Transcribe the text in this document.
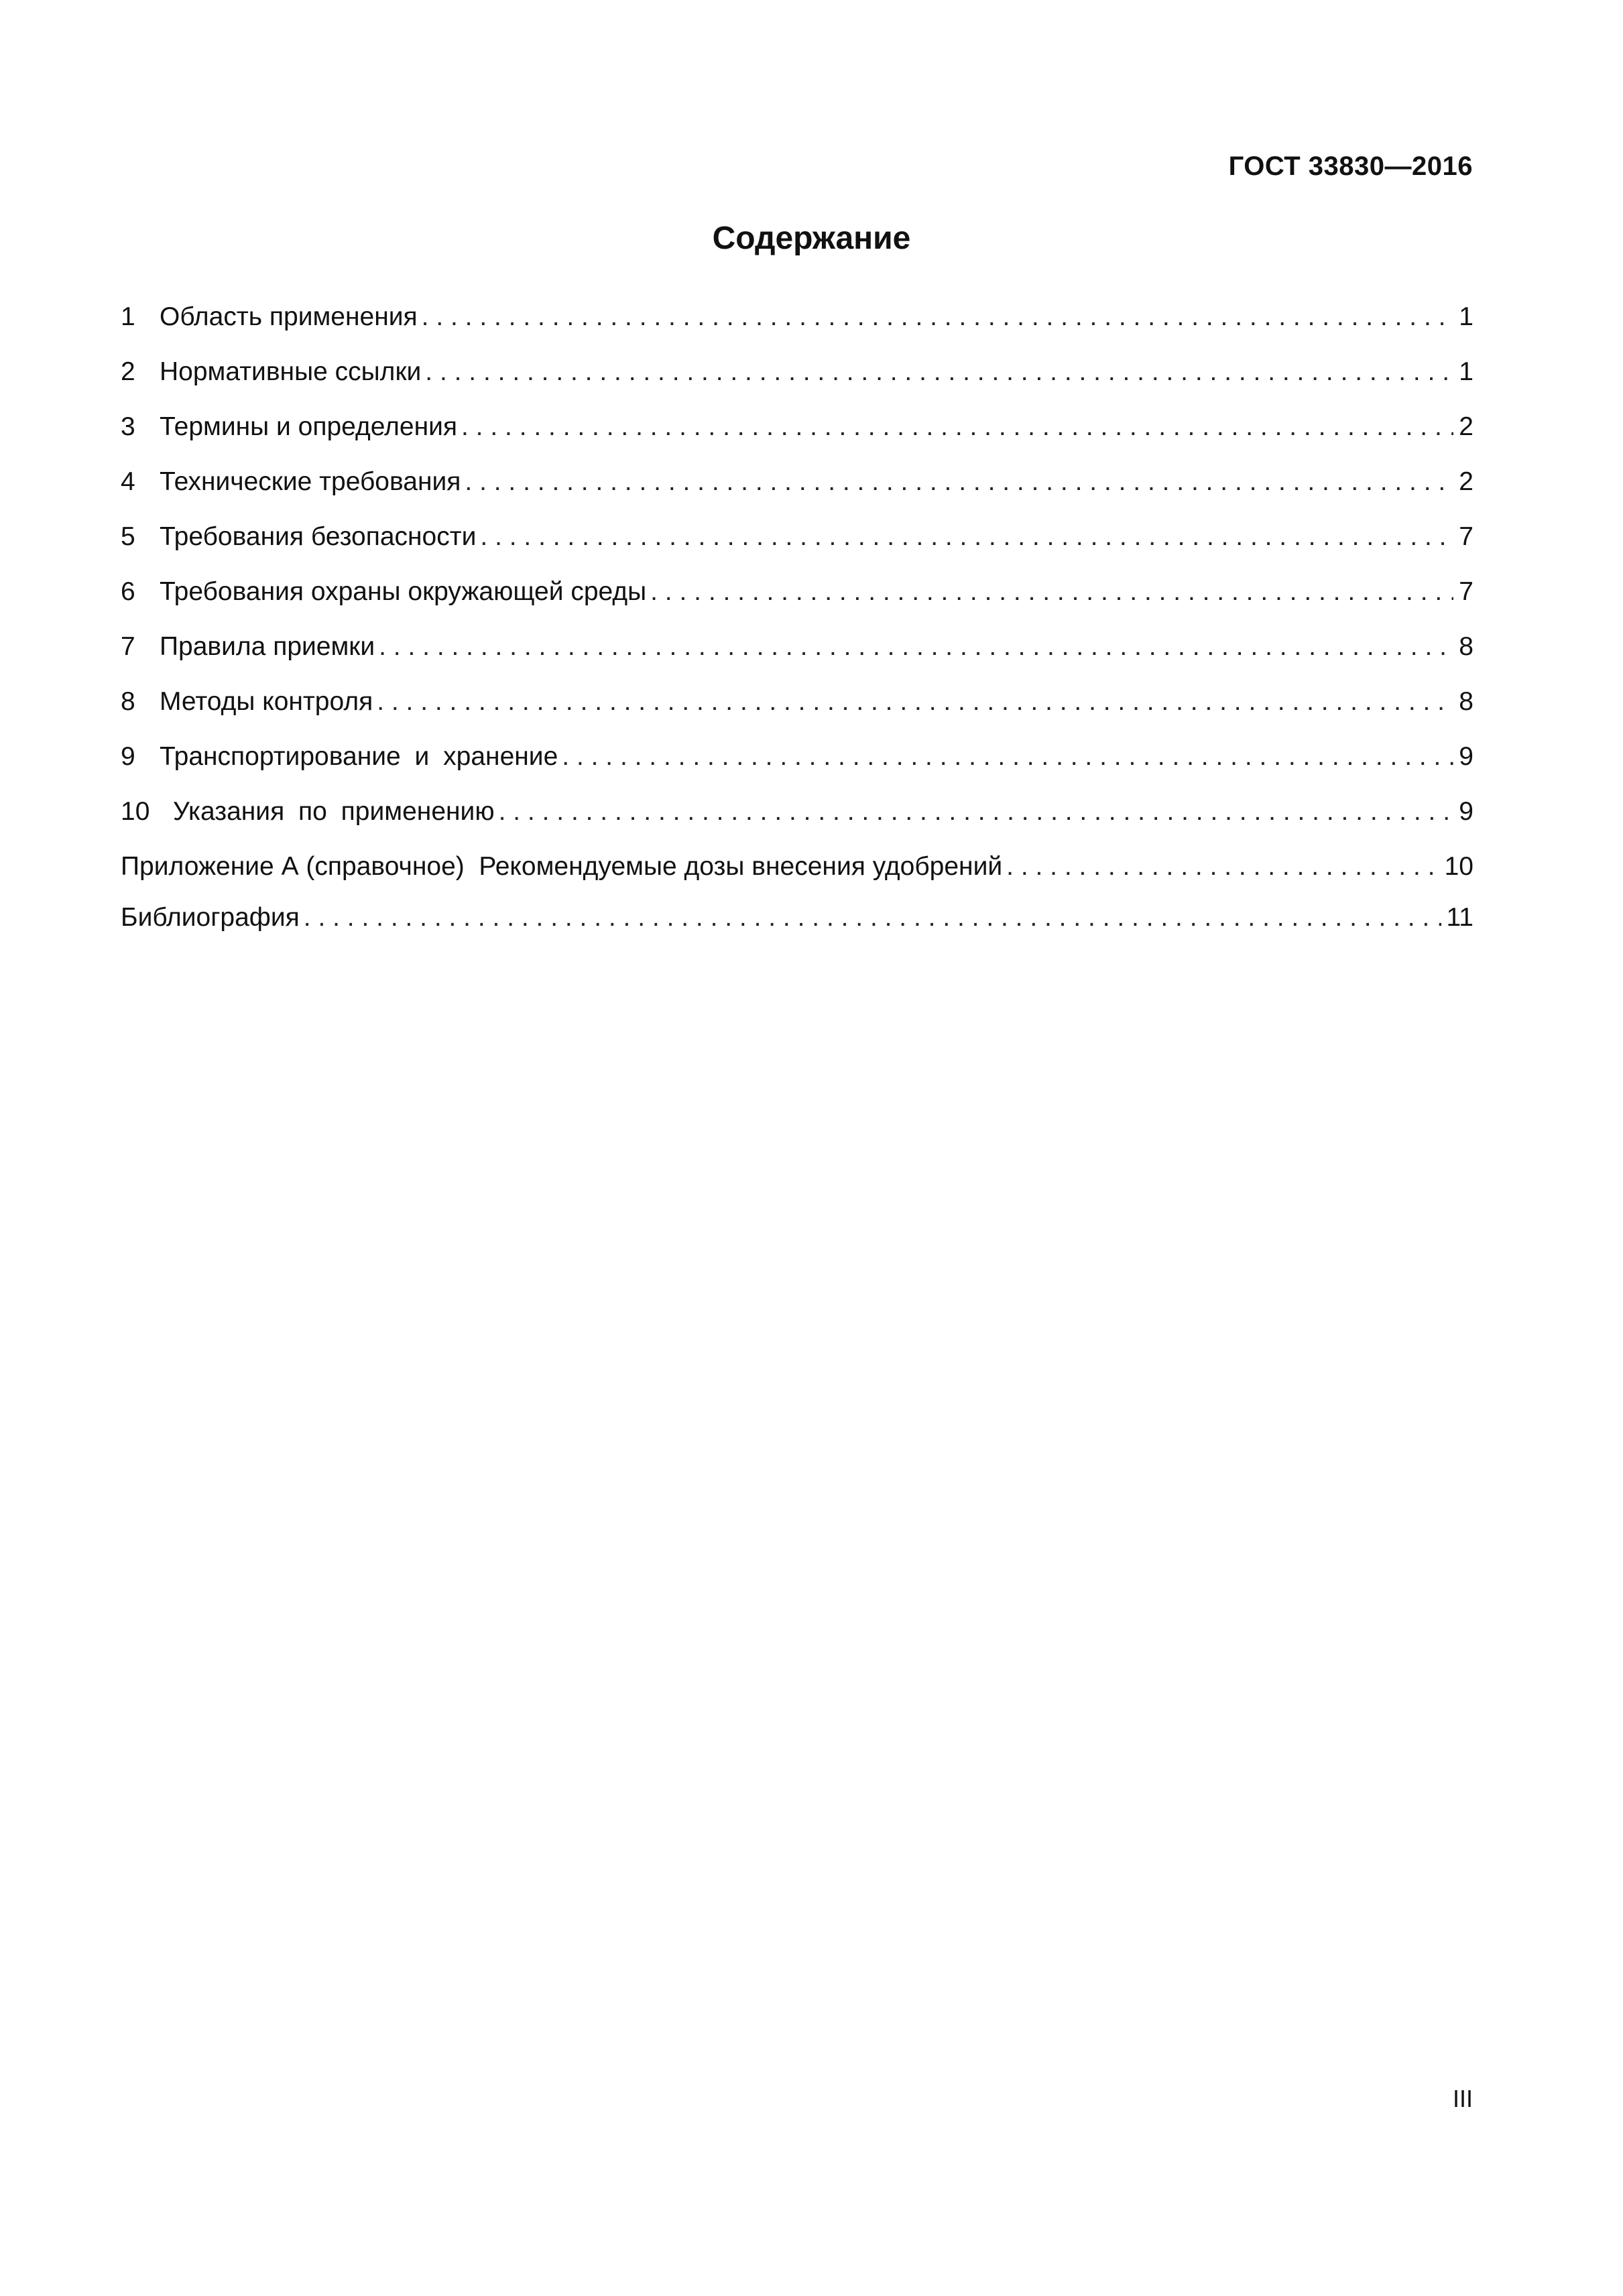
ГОСТ 33830—2016
Содержание
1 Область применения . . .	1
2 Нормативные ссылки . . .	1
3 Термины и определения . . .	2
4 Технические требования . . .	2
5 Требования безопасности . . .	7
6 Требования охраны окружающей среды . . .	7
7 Правила приемки . . .	8
8 Методы контроля . . .	8
9 Транспортирование и хранение . . .	9
10 Указания по применению . . .	9
Приложение А (справочное)  Рекомендуемые дозы внесения удобрений . . .	10
Библиография . . .	11
III
